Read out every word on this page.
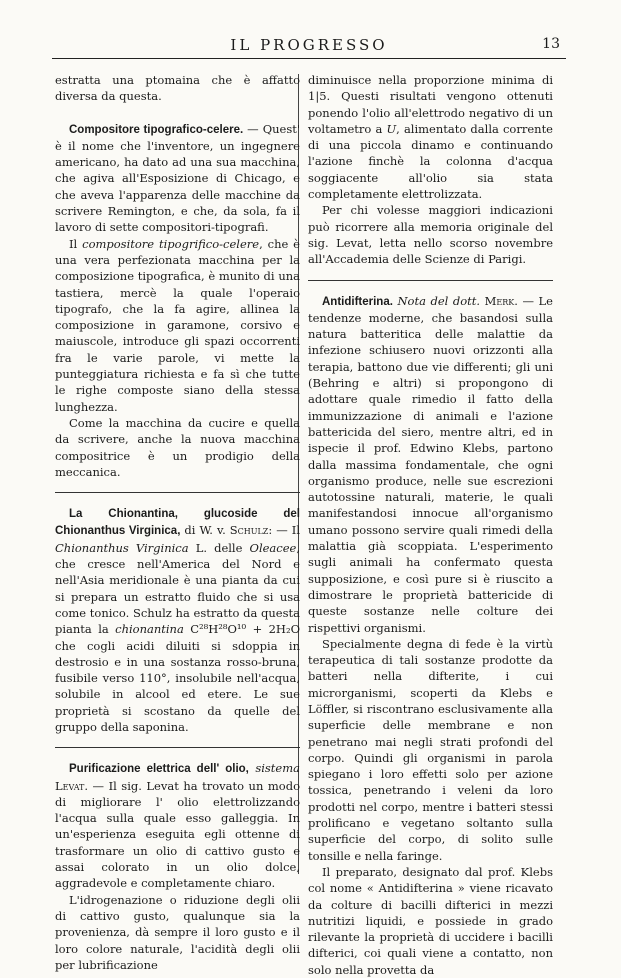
IL PROGRESSO	13

estratta una ptomaina che è affatto diversa da questa.

Compositore tipografico-celere. — Quest' è il nome che l'inventore, un ingegnere americano, ha dato ad una sua macchina, che agiva all'Esposizione di Chicago, e che aveva l'apparenza delle macchine da scrivere Remington, e che, da sola, fa il lavoro di sette compositori-tipografi.

Il compositore tipogrifico-celere, che è una vera perfezionata macchina per la composizione tipografica, è munito di una tastiera, mercè la quale l'operaio tipografo, che la fa agire, allinea la composizione in garamone, corsivo e maiuscole, introduce gli spazi occorrenti fra le varie parole, vi mette la punteggiatura richiesta e fa sì che tutte le righe composte siano della stessa lunghezza.

Come la macchina da cucire e quella da scrivere, anche la nuova macchina compositrice è un prodigio della meccanica.

La Chionantina, glucoside del Chionanthus Virginica, di W. v. Schulz: — Il Chionanthus Virginica L. delle Oleacee, che cresce nell'America del Nord e nell'Asia meridionale è una pianta da cui si prepara un estratto fluido che si usa come tonico. Schulz ha estratto da questa pianta la chionantina C²⁸H²⁸O¹⁰ + 2H₂O che cogli acidi diluiti si sdoppia in destrosio e in una sostanza rosso-bruna, fusibile verso 110°, insolubile nell'acqua, solubile in alcool ed etere. Le sue proprietà si scostano da quelle del gruppo della saponina.

Purificazione elettrica dell' olio, sistema Levat. — Il sig. Levat ha trovato un modo di migliorare l' olio elettrolizzando l'acqua sulla quale esso galleggia. In un'esperienza eseguita egli ottenne di trasformare un olio di cattivo gusto e assai colorato in un olio dolce, aggradevole e completamente chiaro.

L'idrogenazione o riduzione degli olii di cattivo gusto, qualunque sia la provenienza, dà sempre il loro gusto e il loro colore naturale, l'acidità degli olii per lubrificazione

diminuisce nella proporzione minima di 1|5. Questi risultati vengono ottenuti ponendo l'olio all'elettrodo negativo di un voltametro a U, alimentato dalla corrente di una piccola dinamo e continuando l'azione finchè la colonna d'acqua soggiacente all'olio sia stata completamente elettrolizzata.

Per chi volesse maggiori indicazioni può ricorrere alla memoria originale del sig. Levat, letta nello scorso novembre all'Accademia delle Scienze di Parigi.

Antidifterina. Nota del dott. Merk. — Le tendenze moderne, che basandosi sulla natura batteritica delle malattie da infezione schiusero nuovi orizzonti alla terapia, battono due vie differenti; gli uni (Behring e altri) si propongono di adottare quale rimedio il fatto della immunizzazione di animali e l'azione battericida del siero, mentre altri, ed in ispecie il prof. Edwino Klebs, partono dalla massima fondamentale, che ogni organismo produce, nelle sue escrezioni autotossine naturali, materie, le quali manifestandosi innocue all'organismo umano possono servire quali rimedi della malattia già scoppiata. L'esperimento sugli animali ha confermato questa supposizione, e così pure si è riuscito a dimostrare le proprietà battericide di queste sostanze nelle colture dei rispettivi organismi.

Specialmente degna di fede è la virtù terapeutica di tali sostanze prodotte da batteri nella difterite, i cui microrganismi, scoperti da Klebs e Löffler, si riscontrano esclusivamente alla superficie delle membrane e non penetrano mai negli strati profondi del corpo. Quindi gli organismi in parola spiegano i loro effetti solo per azione tossica, penetrando i veleni da loro prodotti nel corpo, mentre i batteri stessi prolificano e vegetano soltanto sulla superficie del corpo, di solito sulle tonsille e nella faringe.

Il preparato, designato dal prof. Klebs col nome « Antidifterina » viene ricavato da colture di bacilli difterici in mezzi nutritizi liquidi, e possiede in grado rilevante la proprietà di uccidere i bacilli difterici, coi quali viene a contatto, non solo nella provetta da
